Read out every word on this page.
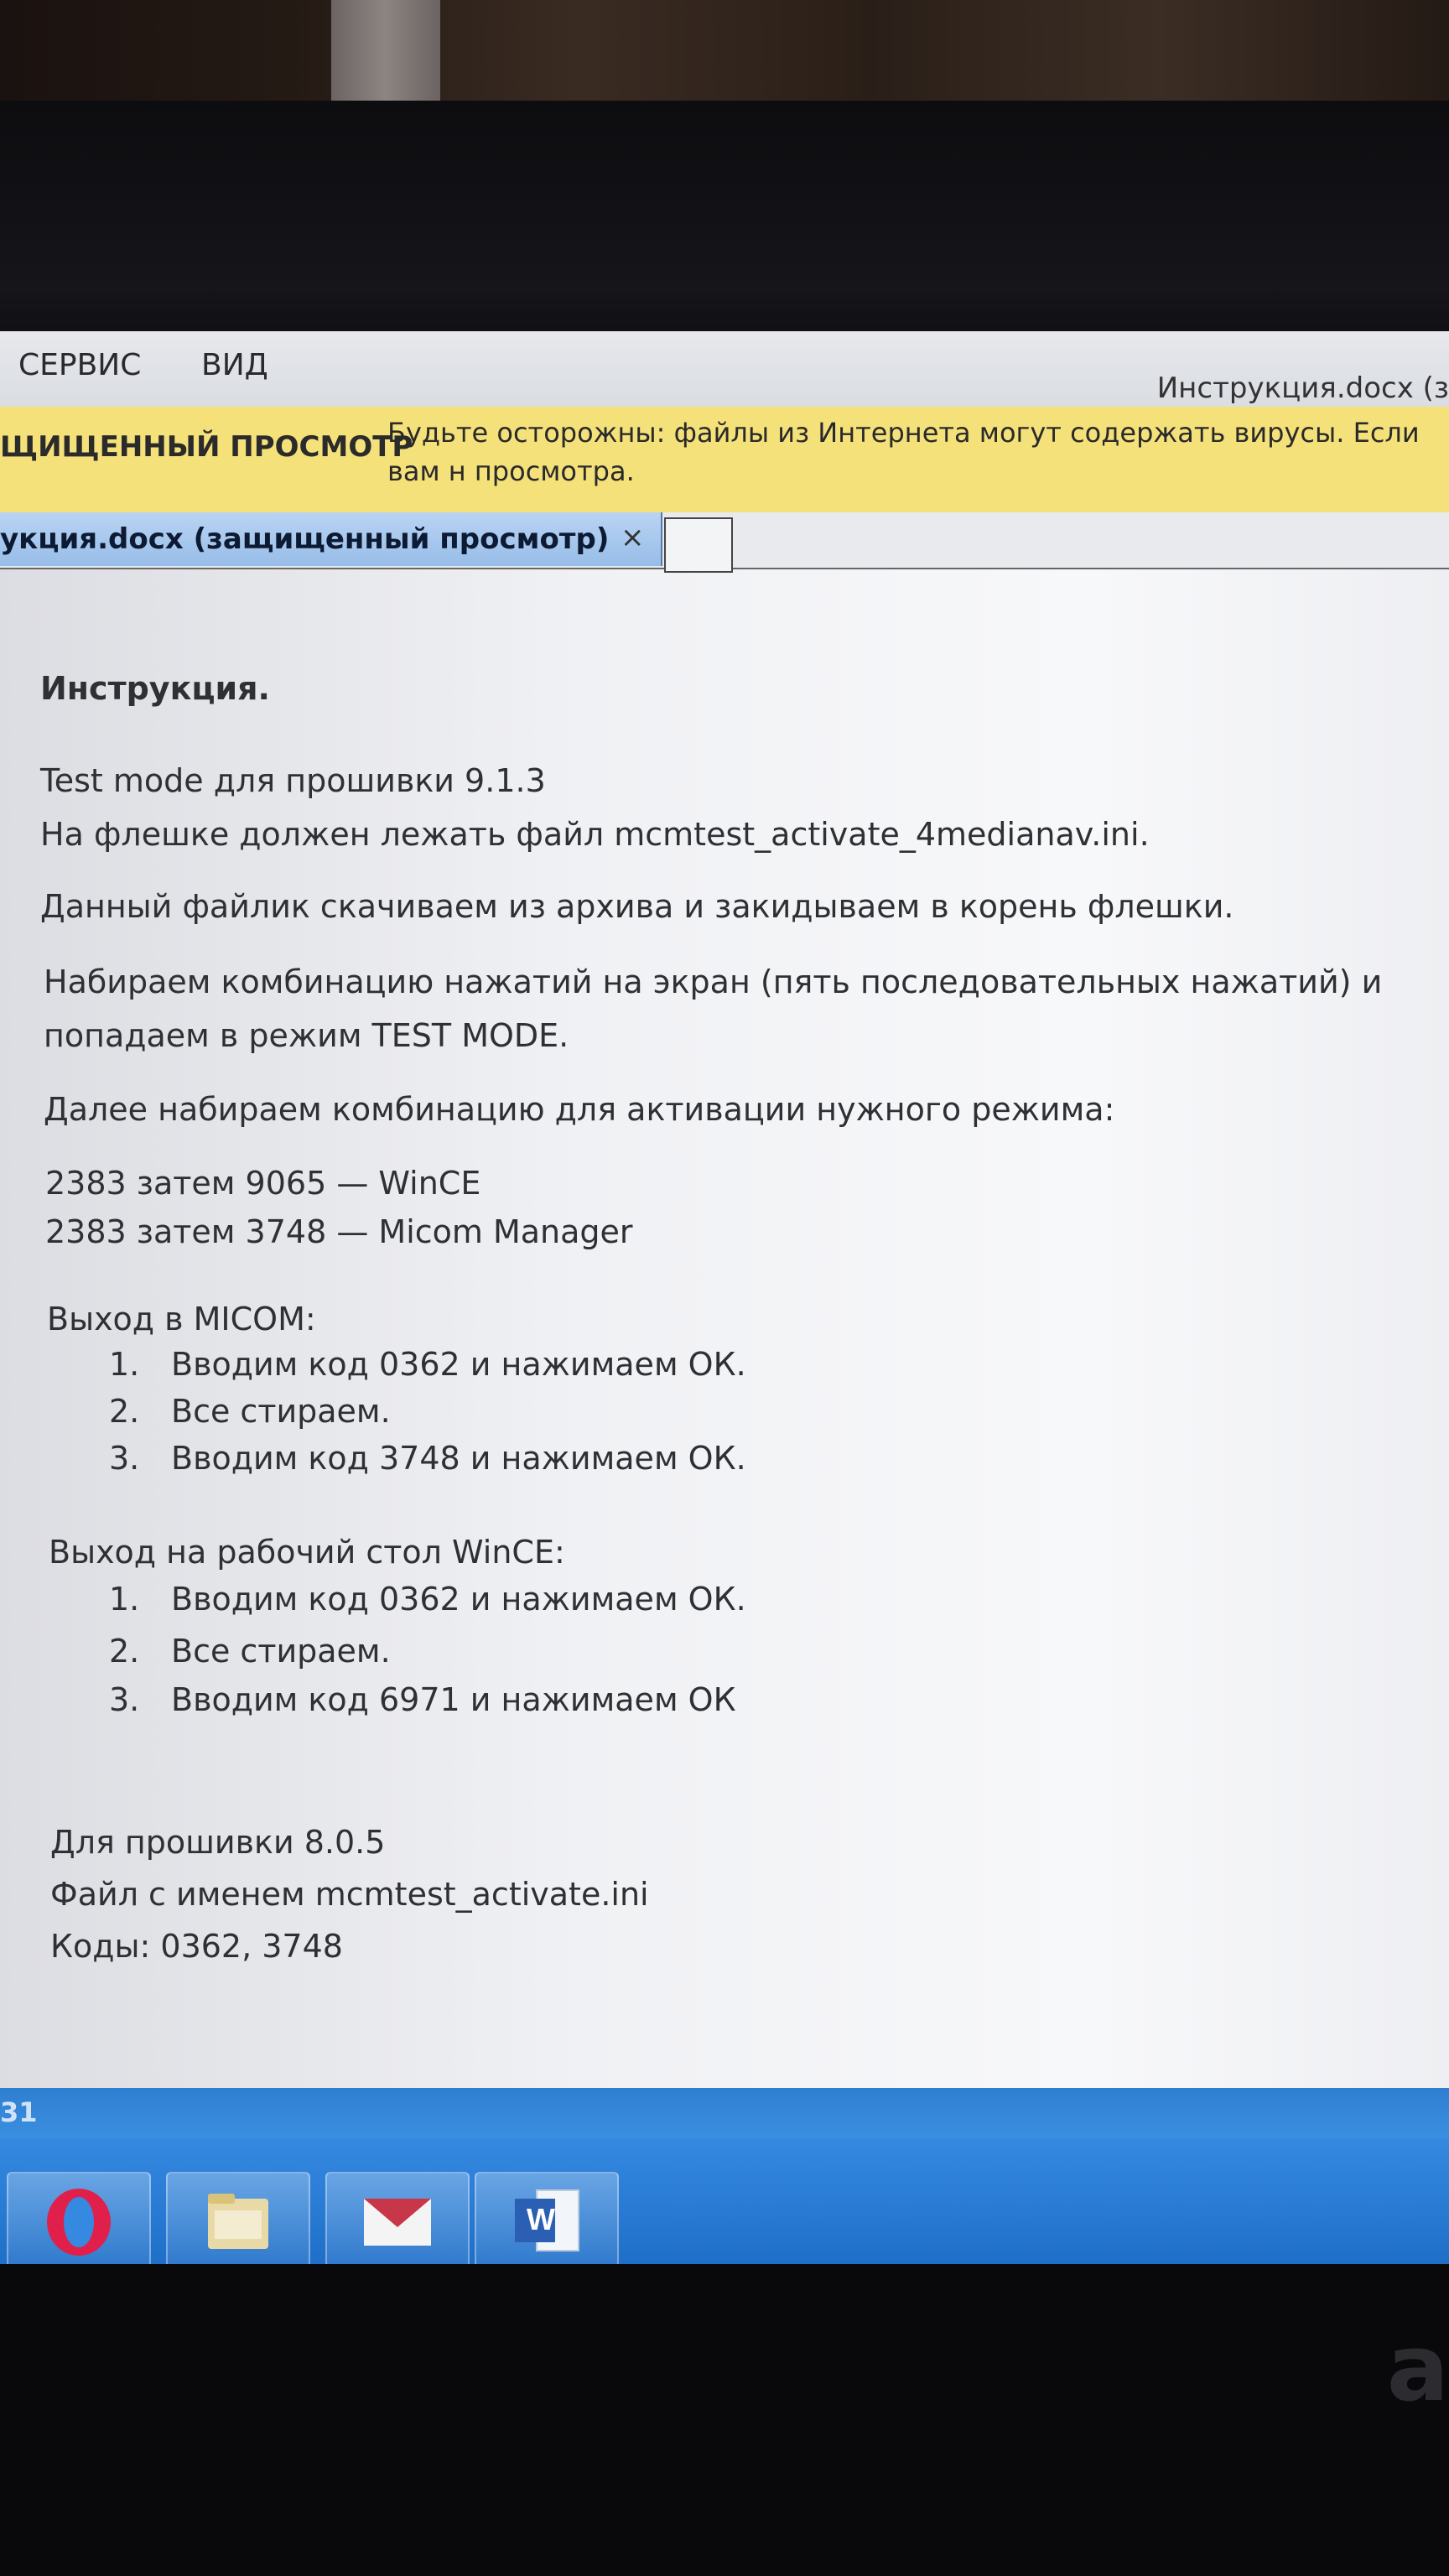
СЕРВИС ВИД
Инструкция.docx (з
ЩИЩЕННЫЙ ПРОСМОТР
Будьте осторожны: файлы из Интернета могут содержать вирусы. Если вам н просмотра.
укция.docx (защищенный просмотр) ×
Инструкция.
Test mode для прошивки 9.1.3
На флешке должен лежать файл mcmtest_activate_4medianav.ini.
Данный файлик скачиваем из архива и закидываем в корень флешки.
Набираем комбинацию нажатий на экран (пять последовательных нажатий) и
попадаем в режим TEST MODE.
Далее набираем комбинацию для активации нужного режима:
2383 затем 9065 — WinCE
2383 затем 3748 — Micom Manager
Выход в MICOM:
1. Вводим код 0362 и нажимаем ОК.
2. Все стираем.
3. Вводим код 3748 и нажимаем ОК.
Выход на рабочий стол WinCE:
1. Вводим код 0362 и нажимаем ОК.
2. Все стираем.
3. Вводим код 6971 и нажимаем ОК
Для прошивки 8.0.5
Файл с именем mcmtest_activate.ini
Коды: 0362, 3748
31
W
a
